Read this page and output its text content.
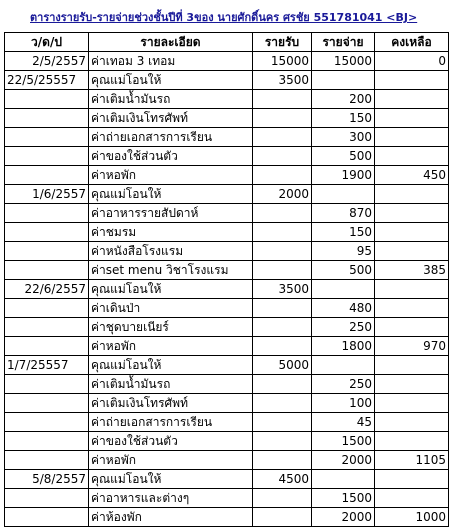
ตารางรายรับ-รายจ่ายช่วงชั้นปีที่ 3ของ นายศักดิ์นคร ศรชัย 551781041 <BJ>
ว/ด/ป	รายละเอียด	รายรับ	รายจ่าย	คงเหลือ
2/5/2557	ค่าเทอม 3 เทอม	15000	15000	0
22/5/25557	คุณแม่โอนให้	3500		
	ค่าเติมน้ำมันรถ		200	
	ค่าเติมเงินโทรศัพท์		150	
	ค่าถ่ายเอกสารการเรียน		300	
	ค่าของใช้ส่วนตัว		500	
	ค่าหอพัก		1900	450
1/6/2557	คุณแม่โอนให้	2000		
	ค่าอาหารรายสัปดาห์		870	
	ค่าชมรม		150	
	ค่าหนังสือโรงแรม		95	
	ค่าset menu วิชาโรงแรม		500	385
22/6/2557	คุณแม่โอนให้	3500		
	ค่าเดินป่า		480	
	ค่าชุดบายเนียร์		250	
	ค่าหอพัก		1800	970
1/7/25557	คุณแม่โอนให้	5000		
	ค่าเติมน้ำมันรถ		250	
	ค่าเติมเงินโทรศัพท์		100	
	ค่าถ่ายเอกสารการเรียน		45	
	ค่าของใช้ส่วนตัว		1500	
	ค่าหอพัก		2000	1105
5/8/2557	คุณแม่โอนให้	4500		
	ค่าอาหารและต่างๆ		1500	
	ค่าห้องพัก		2000	1000
